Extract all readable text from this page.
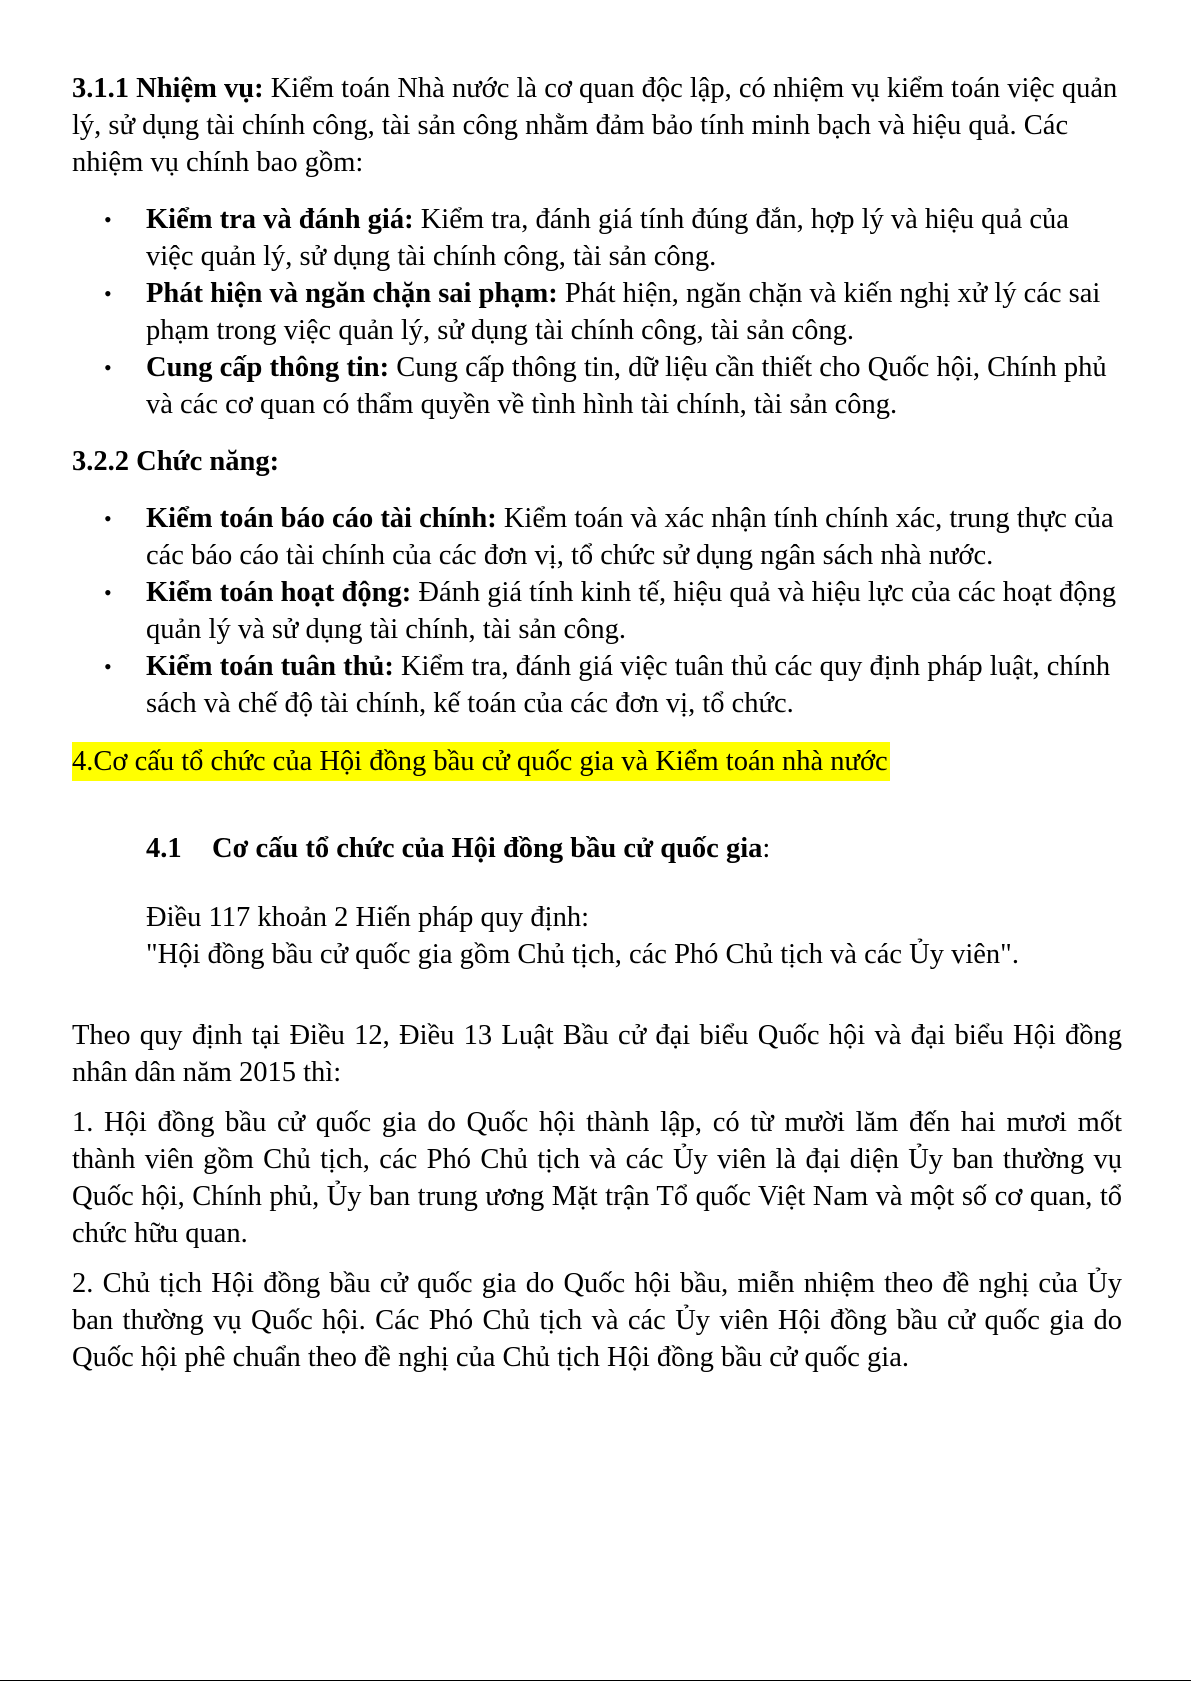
3.1.1 Nhiệm vụ: Kiểm toán Nhà nước là cơ quan độc lập, có nhiệm vụ kiểm toán việc quản lý, sử dụng tài chính công, tài sản công nhằm đảm bảo tính minh bạch và hiệu quả. Các nhiệm vụ chính bao gồm:

• Kiểm tra và đánh giá: Kiểm tra, đánh giá tính đúng đắn, hợp lý và hiệu quả của việc quản lý, sử dụng tài chính công, tài sản công.
• Phát hiện và ngăn chặn sai phạm: Phát hiện, ngăn chặn và kiến nghị xử lý các sai phạm trong việc quản lý, sử dụng tài chính công, tài sản công.
• Cung cấp thông tin: Cung cấp thông tin, dữ liệu cần thiết cho Quốc hội, Chính phủ và các cơ quan có thẩm quyền về tình hình tài chính, tài sản công.

3.2.2 Chức năng:

• Kiểm toán báo cáo tài chính: Kiểm toán và xác nhận tính chính xác, trung thực của các báo cáo tài chính của các đơn vị, tổ chức sử dụng ngân sách nhà nước.
• Kiểm toán hoạt động: Đánh giá tính kinh tế, hiệu quả và hiệu lực của các hoạt động quản lý và sử dụng tài chính, tài sản công.
• Kiểm toán tuân thủ: Kiểm tra, đánh giá việc tuân thủ các quy định pháp luật, chính sách và chế độ tài chính, kế toán của các đơn vị, tổ chức.

4.Cơ cấu tổ chức của Hội đồng bầu cử quốc gia và Kiểm toán nhà nước

4.1 Cơ cấu tổ chức của Hội đồng bầu cử quốc gia:

Điều 117 khoản 2 Hiến pháp quy định:

"Hội đồng bầu cử quốc gia gồm Chủ tịch, các Phó Chủ tịch và các Ủy viên".

Theo quy định tại Điều 12, Điều 13 Luật Bầu cử đại biểu Quốc hội và đại biểu Hội đồng nhân dân năm 2015 thì:

1. Hội đồng bầu cử quốc gia do Quốc hội thành lập, có từ mười lăm đến hai mươi mốt thành viên gồm Chủ tịch, các Phó Chủ tịch và các Ủy viên là đại diện Ủy ban thường vụ Quốc hội, Chính phủ, Ủy ban trung ương Mặt trận Tổ quốc Việt Nam và một số cơ quan, tổ chức hữu quan.

2. Chủ tịch Hội đồng bầu cử quốc gia do Quốc hội bầu, miễn nhiệm theo đề nghị của Ủy ban thường vụ Quốc hội. Các Phó Chủ tịch và các Ủy viên Hội đồng bầu cử quốc gia do Quốc hội phê chuẩn theo đề nghị của Chủ tịch Hội đồng bầu cử quốc gia.
